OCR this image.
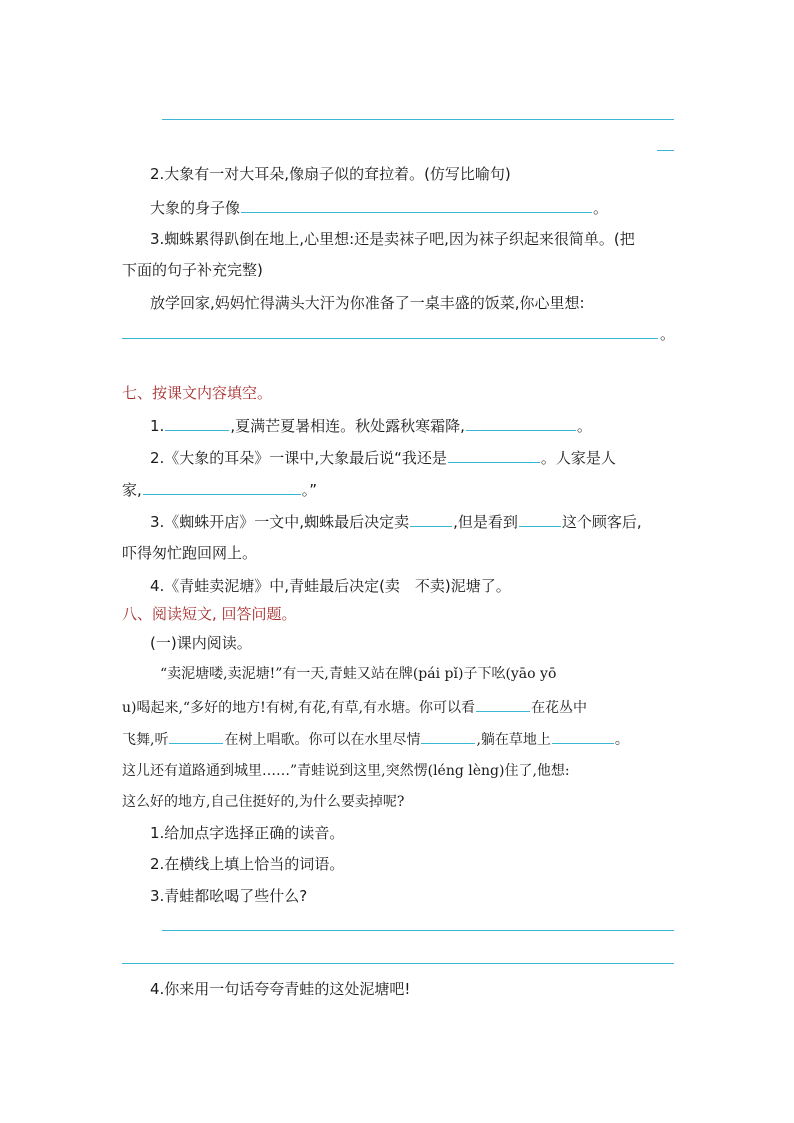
2.大象有一对大耳朵,像扇子似的耷拉着。(仿写比喻句)
大象的身子像	。
3.蜘蛛累得趴倒在地上,心里想:还是卖袜子吧,因为袜子织起来很简单。(把
下面的句子补充完整)
放学回家,妈妈忙得满头大汗为你准备了一桌丰盛的饭菜,你心里想:
。
七、按课文内容填空。
1.	,夏满芒夏暑相连。秋处露秋寒霜降,	。
2.《大象的耳朵》一课中,大象最后说“我还是	。人家是人
家,	。”
3.《蜘蛛开店》一文中,蜘蛛最后决定卖	,但是看到	这个顾客后,
吓得匆忙跑回网上。
4.《青蛙卖泥塘》中,青蛙最后决定(卖　不卖)泥塘了。
八、阅读短文, 回答问题。
(一)课内阅读。
“卖泥塘喽,卖泥塘!”有一天,青蛙又站在牌(pái pǐ)子下吆(yāo yō
u)喝起来,“多好的地方!有树,有花,有草,有水塘。你可以看	在花丛中
飞舞,听	在树上唱歌。你可以在水里尽情	,躺在草地上	。
这儿还有道路通到城里……”青蛙说到这里,突然愣(léng lèng)住了,他想:
这么好的地方,自己住挺好的,为什么要卖掉呢?
1.给加点字选择正确的读音。
2.在横线上填上恰当的词语。
3.青蛙都吆喝了些什么?
4.你来用一句话夸夸青蛙的这处泥塘吧!
